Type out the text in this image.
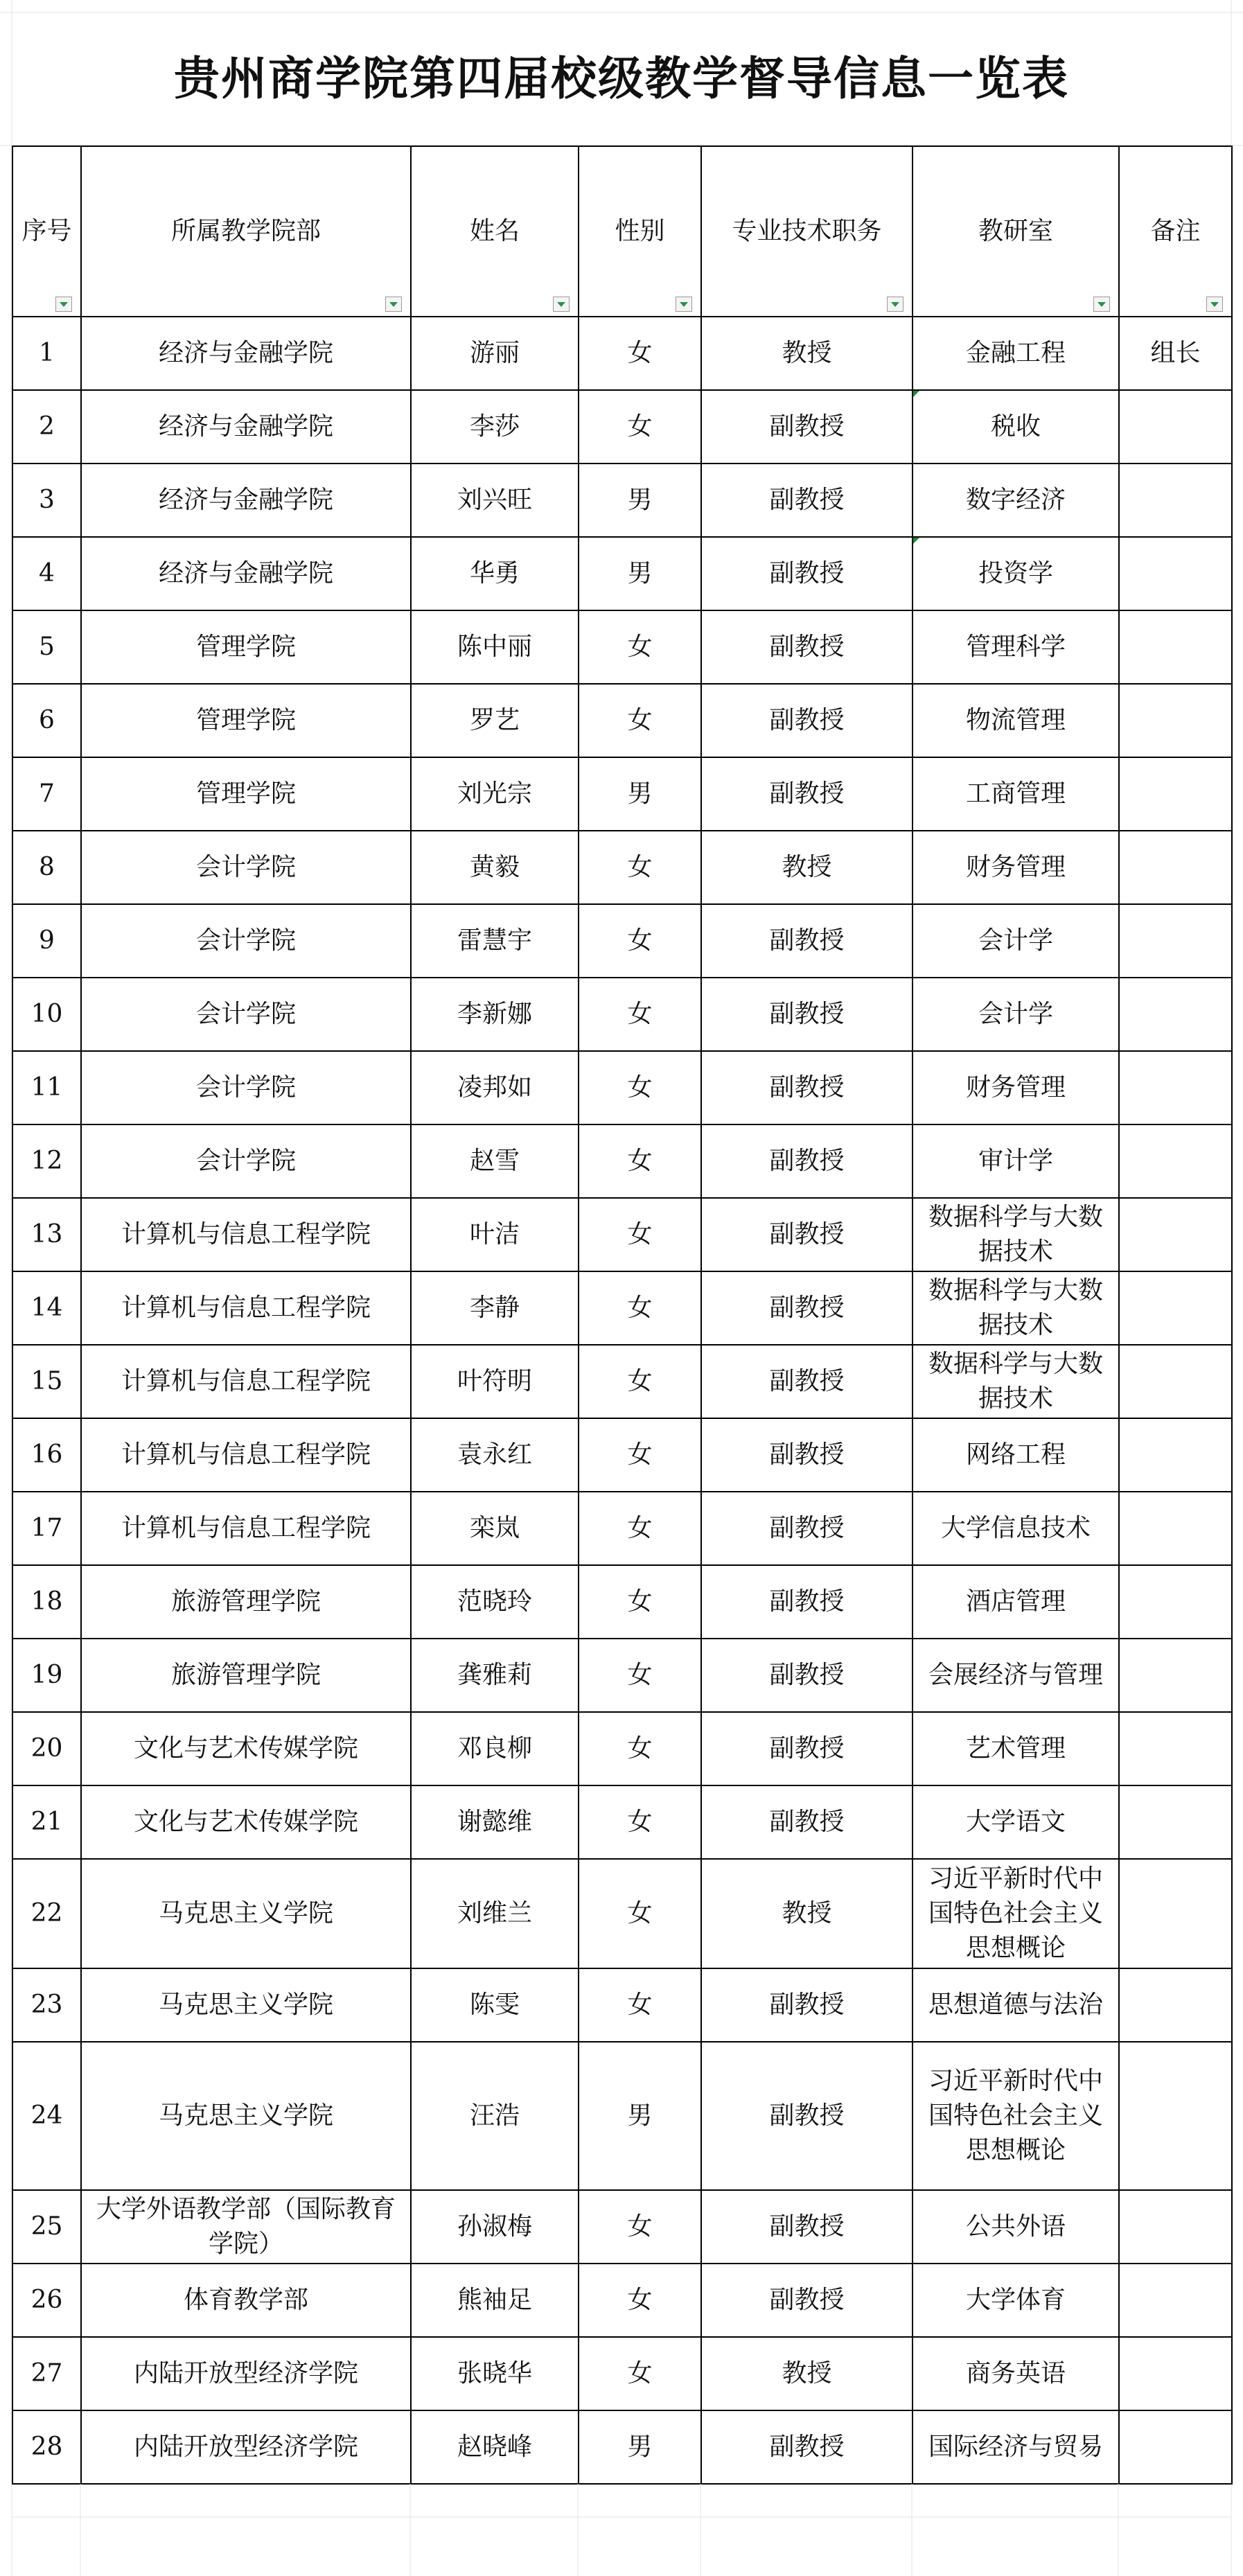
贵州商学院第四届校级教学督导信息一览表
序号	所属教学院部	姓名	性别	专业技术职务	教研室	备注

1	经济与金融学院	游丽	女	教授	金融工程	组长
2	经济与金融学院	李莎	女	副教授	税收

3	经济与金融学院	刘兴旺	男	副教授	数字经济	
4	经济与金融学院	华勇	男	副教授	投资学

5	管理学院	陈中丽	女	副教授	管理科学	
6	管理学院	罗艺	女	副教授	物流管理	
7	管理学院	刘光宗	男	副教授	工商管理	
8	会计学院	黄毅	女	教授	财务管理	
9	会计学院	雷慧宇	女	副教授	会计学	
10	会计学院	李新娜	女	副教授	会计学	
11	会计学院	凌邦如	女	副教授	财务管理	
12	会计学院	赵雪	女	副教授	审计学	
13	计算机与信息工程学院	叶洁	女	副教授	数据科学与大数据技术	
14	计算机与信息工程学院	李静	女	副教授	数据科学与大数据技术	
15	计算机与信息工程学院	叶符明	女	副教授	数据科学与大数据技术	
16	计算机与信息工程学院	袁永红	女	副教授	网络工程	
17	计算机与信息工程学院	栾岚	女	副教授	大学信息技术	
18	旅游管理学院	范晓玲	女	副教授	酒店管理	
19	旅游管理学院	龚雅莉	女	副教授	会展经济与管理	
20	文化与艺术传媒学院	邓良柳	女	副教授	艺术管理	
21	文化与艺术传媒学院	谢懿维	女	副教授	大学语文	
22	马克思主义学院	刘维兰	女	教授	习近平新时代中国特色社会主义思想概论	
23	马克思主义学院	陈雯	女	副教授	思想道德与法治	
24	马克思主义学院	汪浩	男	副教授	习近平新时代中国特色社会主义思想概论	
25	大学外语教学部（国际教育学院）	孙淑梅	女	副教授	公共外语	
26	体育教学部	熊袖足	女	副教授	大学体育	
27	内陆开放型经济学院	张晓华	女	教授	商务英语	
28	内陆开放型经济学院	赵晓峰	男	副教授	国际经济与贸易	
